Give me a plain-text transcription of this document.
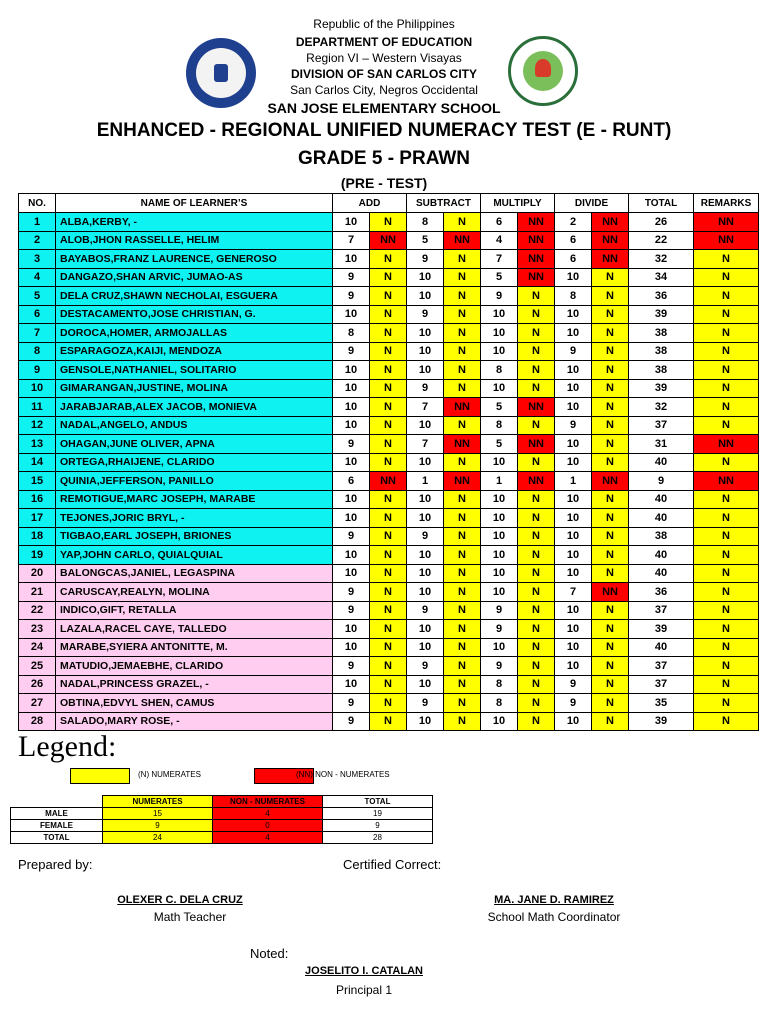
Republic of the Philippines
DEPARTMENT OF EDUCATION
Region VI – Western Visayas
DIVISION OF SAN CARLOS CITY
San Carlos City, Negros Occidental
SAN JOSE ELEMENTARY SCHOOL
ENHANCED - REGIONAL UNIFIED NUMERACY TEST (E - RUNT)
GRADE 5 - PRAWN
(PRE - TEST)
NO.	NAME OF LEARNER’S	ADD		SUBTRACT		MULTIPLY		DIVIDE		TOTAL	REMARKS
1	ALBA,KERBY, -	10	N	8	N	6	NN	2	NN	26	NN
2	ALOB,JHON RASSELLE, HELIM	7	NN	5	NN	4	NN	6	NN	22	NN
3	BAYABOS,FRANZ LAURENCE, GENEROSO	10	N	9	N	7	NN	6	NN	32	N
4	DANGAZO,SHAN ARVIC, JUMAO-AS	9	N	10	N	5	NN	10	N	34	N
5	DELA CRUZ,SHAWN NECHOLAI, ESGUERA	9	N	10	N	9	N	8	N	36	N
6	DESTACAMENTO,JOSE CHRISTIAN, G.	10	N	9	N	10	N	10	N	39	N
7	DOROCA,HOMER, ARMOJALLAS	8	N	10	N	10	N	10	N	38	N
8	ESPARAGOZA,KAIJI, MENDOZA	9	N	10	N	10	N	9	N	38	N
9	GENSOLE,NATHANIEL, SOLITARIO	10	N	10	N	8	N	10	N	38	N
10	GIMARANGAN,JUSTINE, MOLINA	10	N	9	N	10	N	10	N	39	N
11	JARABJARAB,ALEX JACOB, MONIEVA	10	N	7	NN	5	NN	10	N	32	N
12	NADAL,ANGELO, ANDUS	10	N	10	N	8	N	9	N	37	N
13	OHAGAN,JUNE OLIVER, APNA	9	N	7	NN	5	NN	10	N	31	NN
14	ORTEGA,RHAIJENE, CLARIDO	10	N	10	N	10	N	10	N	40	N
15	QUINIA,JEFFERSON, PANILLO	6	NN	1	NN	1	NN	1	NN	9	NN
16	REMOTIGUE,MARC JOSEPH, MARABE	10	N	10	N	10	N	10	N	40	N
17	TEJONES,JORIC BRYL, -	10	N	10	N	10	N	10	N	40	N
18	TIGBAO,EARL JOSEPH, BRIONES	9	N	9	N	10	N	10	N	38	N
19	YAP,JOHN CARLO, QUIALQUIAL	10	N	10	N	10	N	10	N	40	N
20	BALONGCAS,JANIEL, LEGASPINA	10	N	10	N	10	N	10	N	40	N
21	CARUSCAY,REALYN, MOLINA	9	N	10	N	10	N	7	NN	36	N
22	INDICO,GIFT, RETALLA	9	N	9	N	9	N	10	N	37	N
23	LAZALA,RACEL CAYE, TALLEDO	10	N	10	N	9	N	10	N	39	N
24	MARABE,SYIERA ANTONITTE, M.	10	N	10	N	10	N	10	N	40	N
25	MATUDIO,JEMAEBHE, CLARIDO	9	N	9	N	9	N	10	N	37	N
26	NADAL,PRINCESS GRAZEL, -	10	N	10	N	8	N	9	N	37	N
27	OBTINA,EDVYL SHEN, CAMUS	9	N	9	N	8	N	9	N	35	N
28	SALADO,MARY ROSE, -	9	N	10	N	10	N	10	N	39	N
Legend:
(N) NUMERATES	(NN) NON - NUMERATES
	NUMERATES	NON - NUMERATES	TOTAL
MALE	15	4	19
FEMALE	9	0	9
TOTAL	24	4	28
Prepared by:	Certified Correct:
OLEXER C. DELA CRUZ
Math Teacher
MA. JANE D. RAMIREZ
School Math Coordinator
Noted:
JOSELITO I. CATALAN
Principal 1
